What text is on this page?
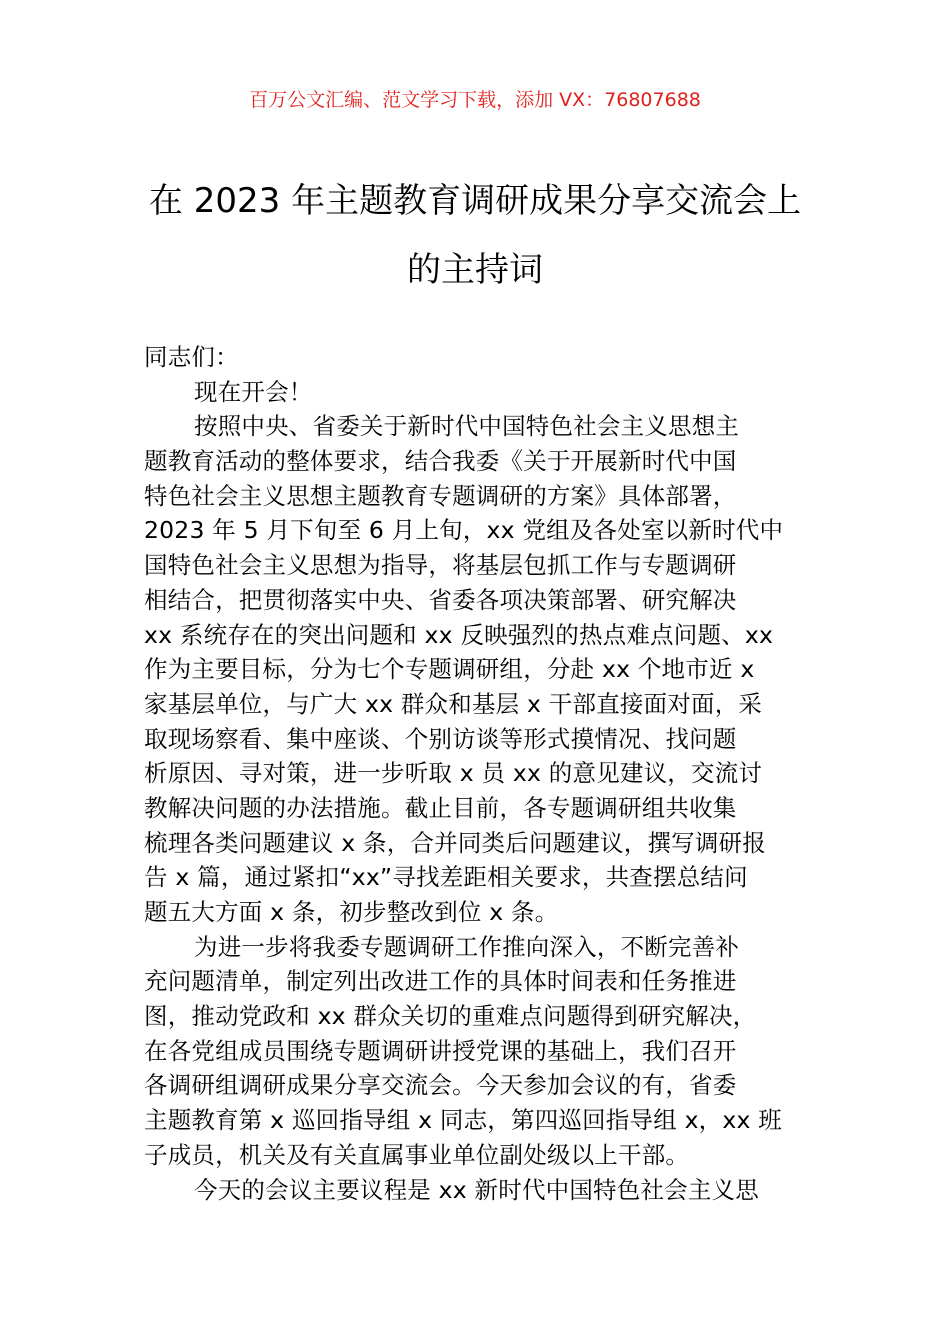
百万公文汇编、范文学习下载，添加 VX：76807688
在 2023 年主题教育调研成果分享交流会上
的主持词
同志们：
现在开会！
按照中央、省委关于新时代中国特色社会主义思想主
题教育活动的整体要求，结合我委《关于开展新时代中国
特色社会主义思想主题教育专题调研的方案》具体部署，
2023 年 5 月下旬至 6 月上旬，xx 党组及各处室以新时代中
国特色社会主义思想为指导，将基层包抓工作与专题调研
相结合，把贯彻落实中央、省委各项决策部署、研究解决
xx 系统存在的突出问题和 xx 反映强烈的热点难点问题、xx
作为主要目标，分为七个专题调研组，分赴 xx 个地市近 x
家基层单位，与广大 xx 群众和基层 x 干部直接面对面，采
取现场察看、集中座谈、个别访谈等形式摸情况、找问题
析原因、寻对策，进一步听取 x 员 xx 的意见建议，交流讨
教解决问题的办法措施。截止目前，各专题调研组共收集
梳理各类问题建议 x 条，合并同类后问题建议，撰写调研报
告 x 篇，通过紧扣“xx”寻找差距相关要求，共查摆总结问
题五大方面 x 条，初步整改到位 x 条。
为进一步将我委专题调研工作推向深入，不断完善补
充问题清单，制定列出改进工作的具体时间表和任务推进
图，推动党政和 xx 群众关切的重难点问题得到研究解决，
在各党组成员围绕专题调研讲授党课的基础上，我们召开
各调研组调研成果分享交流会。今天参加会议的有，省委
主题教育第 x 巡回指导组 x 同志，第四巡回指导组 x，xx 班
子成员，机关及有关直属事业单位副处级以上干部。
今天的会议主要议程是 xx 新时代中国特色社会主义思
